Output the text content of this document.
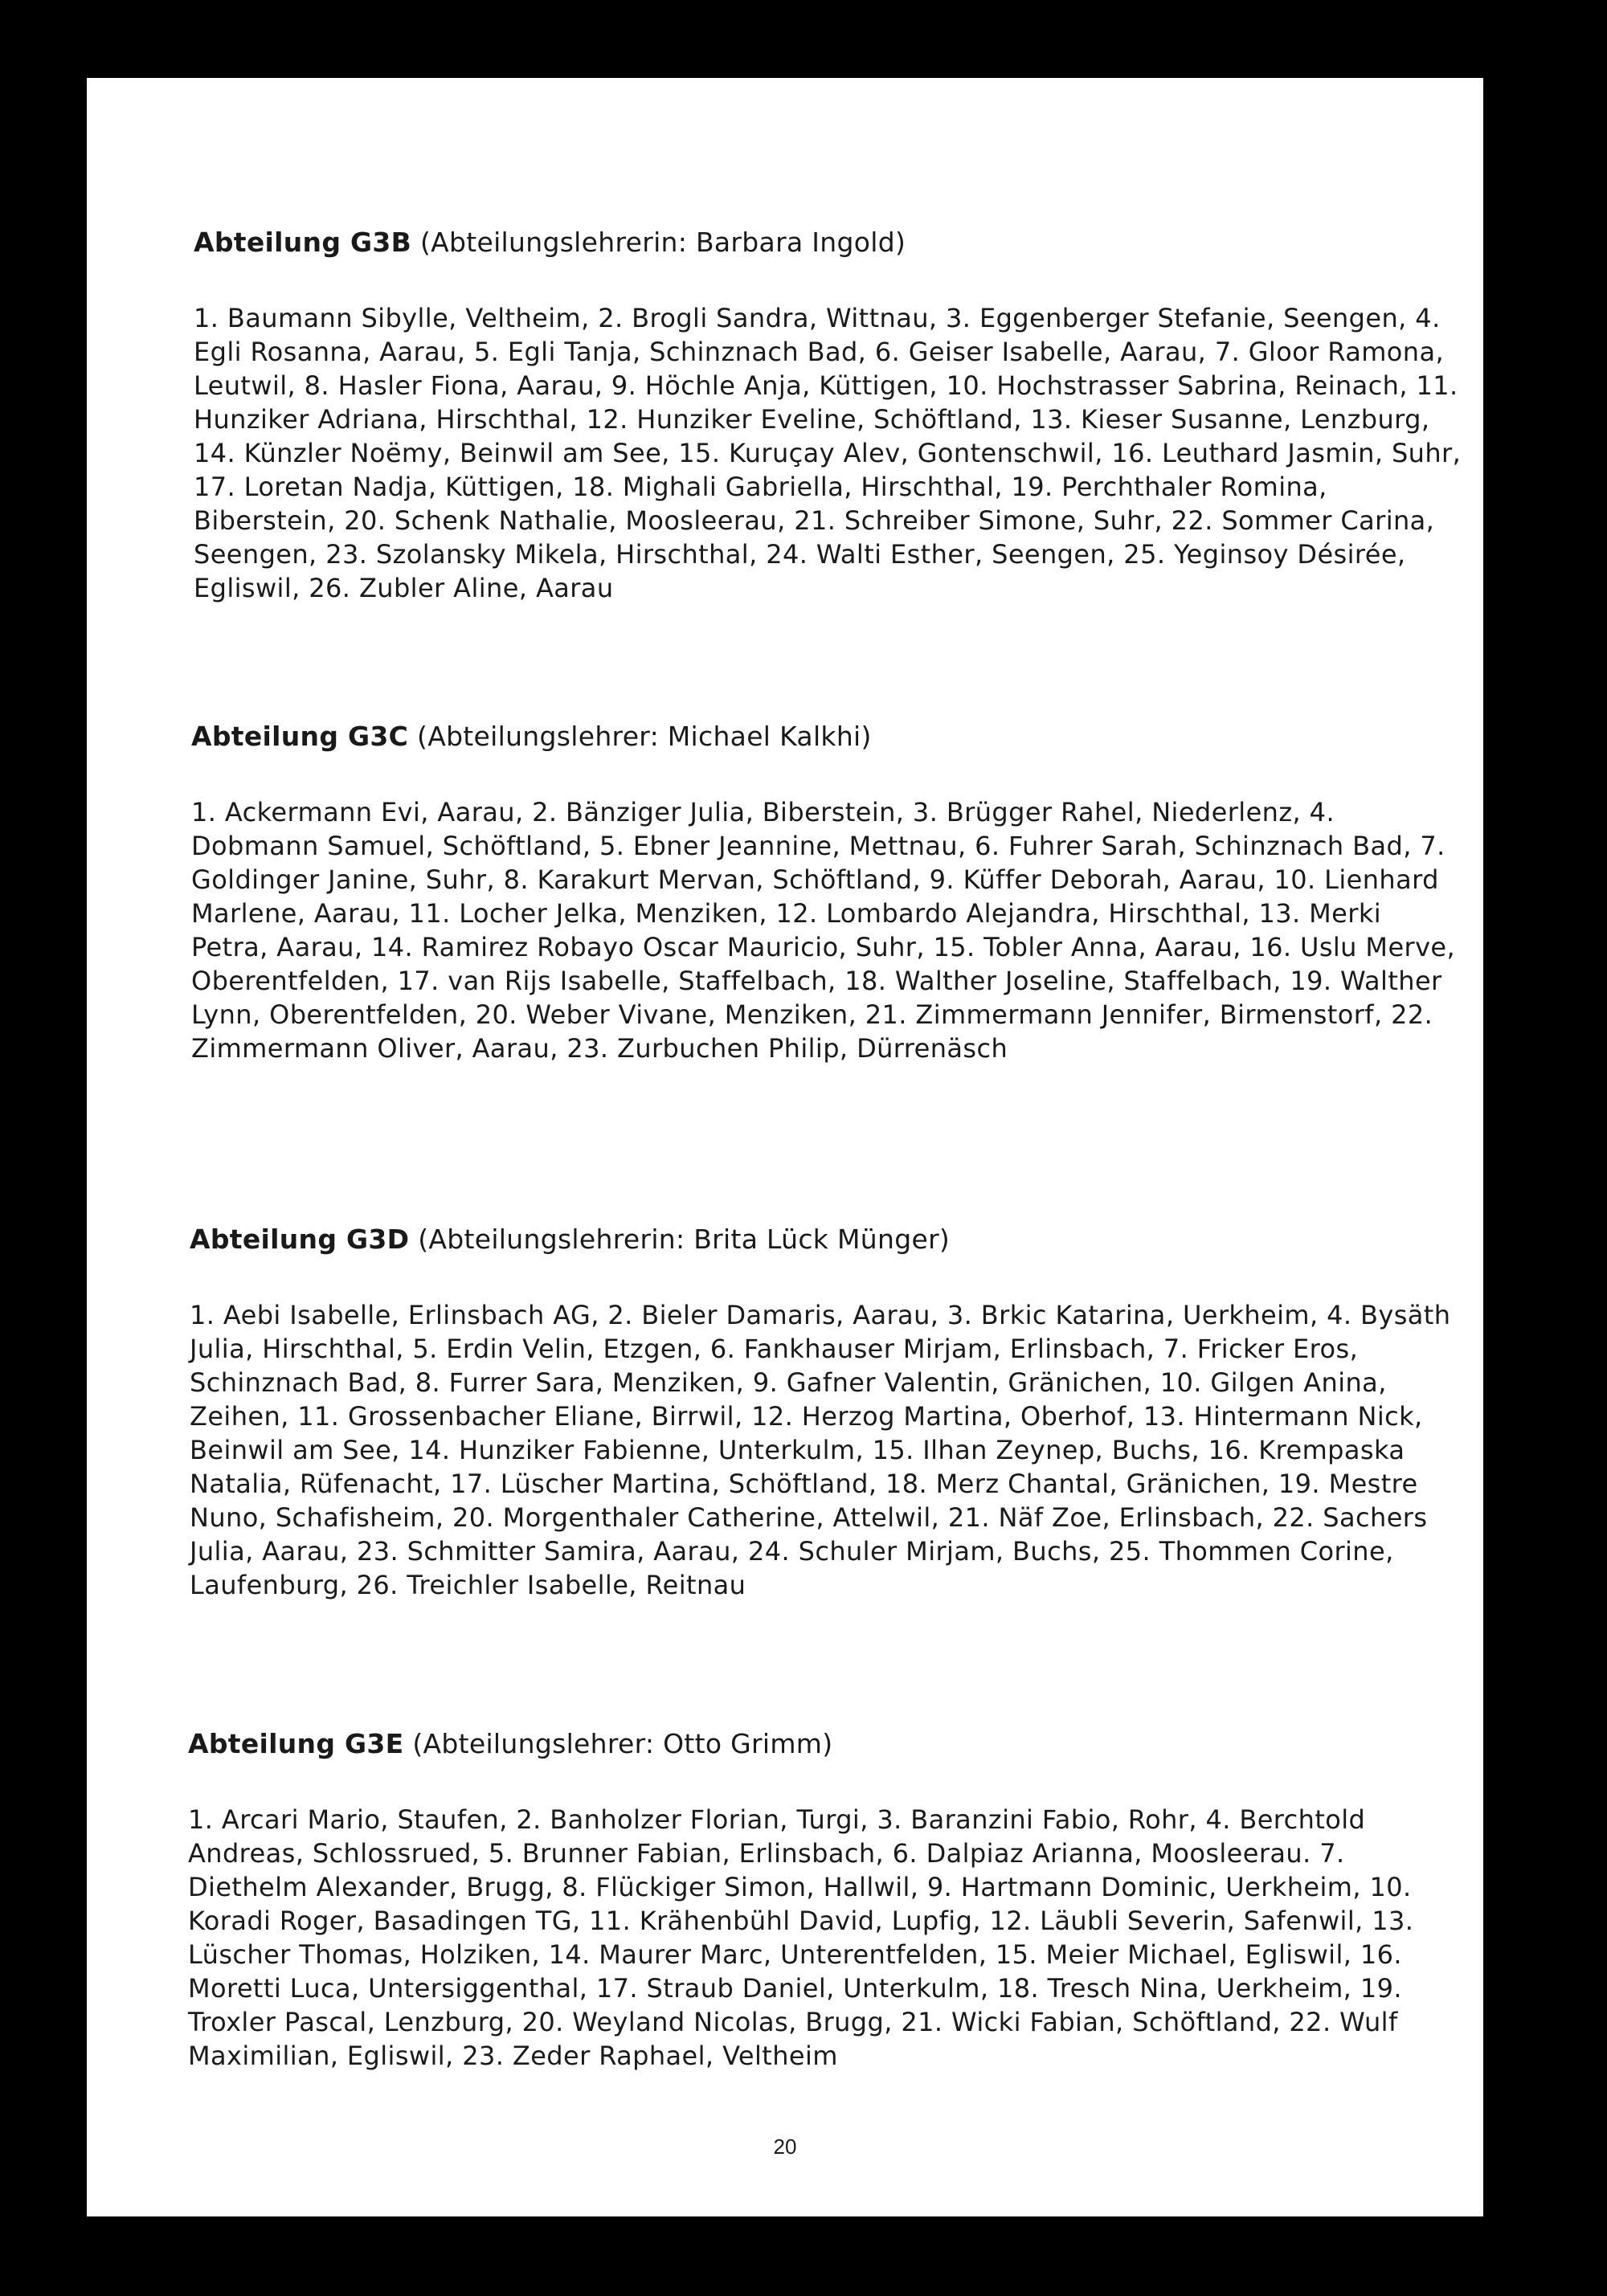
Abteilung G3B (Abteilungslehrerin: Barbara Ingold)

1. Baumann Sibylle, Veltheim, 2. Brogli Sandra, Wittnau, 3. Eggenberger Stefanie, Seengen, 4. Egli Rosanna, Aarau, 5. Egli Tanja, Schinznach Bad, 6. Geiser Isabelle, Aarau, 7. Gloor Ramona, Leutwil, 8. Hasler Fiona, Aarau, 9. Höchle Anja, Küttigen, 10. Hochstrasser Sabrina, Reinach, 11. Hunziker Adriana, Hirschthal, 12. Hunziker Eveline, Schöftland, 13. Kieser Susanne, Lenzburg, 14. Künzler Noëmy, Beinwil am See, 15. Kuruçay Alev, Gontenschwil, 16. Leuthard Jasmin, Suhr, 17. Loretan Nadja, Küttigen, 18. Mighali Gabriella, Hirschthal, 19. Perchthaler Romina, Biberstein, 20. Schenk Nathalie, Moosleerau, 21. Schreiber Simone, Suhr, 22. Sommer Carina, Seengen, 23. Szolansky Mikela, Hirschthal, 24. Walti Esther, Seengen, 25. Yeginsoy Désirée, Egliswil, 26. Zubler Aline, Aarau

Abteilung G3C (Abteilungslehrer: Michael Kalkhi)

1. Ackermann Evi, Aarau, 2. Bänziger Julia, Biberstein, 3. Brügger Rahel, Niederlenz, 4. Dobmann Samuel, Schöftland, 5. Ebner Jeannine, Mettnau, 6. Fuhrer Sarah, Schinznach Bad, 7. Goldinger Janine, Suhr, 8. Karakurt Mervan, Schöftland, 9. Küffer Deborah, Aarau, 10. Lienhard Marlene, Aarau, 11. Locher Jelka, Menziken, 12. Lombardo Alejandra, Hirschthal, 13. Merki Petra, Aarau, 14. Ramirez Robayo Oscar Mauricio, Suhr, 15. Tobler Anna, Aarau, 16. Uslu Merve, Oberentfelden, 17. van Rijs Isabelle, Staffelbach, 18. Walther Joseline, Staffelbach, 19. Walther Lynn, Oberentfelden, 20. Weber Vivane, Menziken, 21. Zimmermann Jennifer, Birmenstorf, 22. Zimmermann Oliver, Aarau, 23. Zurbuchen Philip, Dürrenäsch

Abteilung G3D (Abteilungslehrerin: Brita Lück Münger)

1. Aebi Isabelle, Erlinsbach AG, 2. Bieler Damaris, Aarau, 3. Brkic Katarina, Uerkheim, 4. Bysäth Julia, Hirschthal, 5. Erdin Velin, Etzgen, 6. Fankhauser Mirjam, Erlinsbach, 7. Fricker Eros, Schinznach Bad, 8. Furrer Sara, Menziken, 9. Gafner Valentin, Gränichen, 10. Gilgen Anina, Zeihen, 11. Grossenbacher Eliane, Birrwil, 12. Herzog Martina, Oberhof, 13. Hintermann Nick, Beinwil am See, 14. Hunziker Fabienne, Unterkulm, 15. Ilhan Zeynep, Buchs, 16. Krempaska Natalia, Rüfenacht, 17. Lüscher Martina, Schöftland, 18. Merz Chantal, Gränichen, 19. Mestre Nuno, Schafisheim, 20. Morgenthaler Catherine, Attelwil, 21. Näf Zoe, Erlinsbach, 22. Sachers Julia, Aarau, 23. Schmitter Samira, Aarau, 24. Schuler Mirjam, Buchs, 25. Thommen Corine, Laufenburg, 26. Treichler Isabelle, Reitnau

Abteilung G3E (Abteilungslehrer: Otto Grimm)

1. Arcari Mario, Staufen, 2. Banholzer Florian, Turgi, 3. Baranzini Fabio, Rohr, 4. Berchtold Andreas, Schlossrued, 5. Brunner Fabian, Erlinsbach, 6. Dalpiaz Arianna, Moosleerau. 7. Diethelm Alexander, Brugg, 8. Flückiger Simon, Hallwil, 9. Hartmann Dominic, Uerkheim, 10. Koradi Roger, Basadingen TG, 11. Krähenbühl David, Lupfig, 12. Läubli Severin, Safenwil, 13. Lüscher Thomas, Holziken, 14. Maurer Marc, Unterentfelden, 15. Meier Michael, Egliswil, 16. Moretti Luca, Untersiggenthal, 17. Straub Daniel, Unterkulm, 18. Tresch Nina, Uerkheim, 19. Troxler Pascal, Lenzburg, 20. Weyland Nicolas, Brugg, 21. Wicki Fabian, Schöftland, 22. Wulf Maximilian, Egliswil, 23. Zeder Raphael, Veltheim

20
